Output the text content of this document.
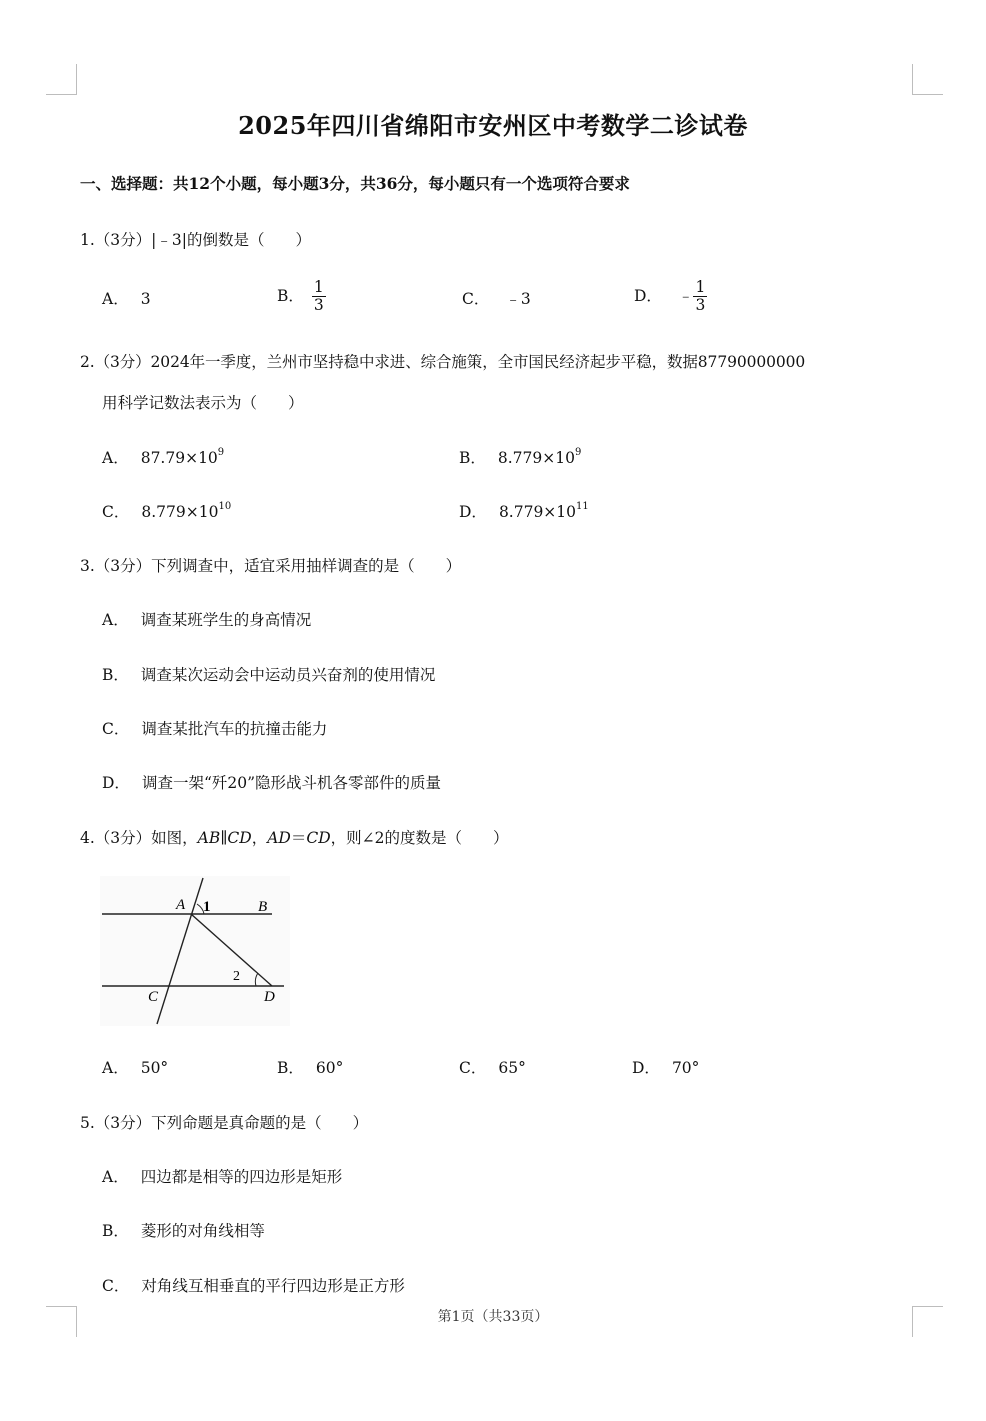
2025年四川省绵阳市安州区中考数学二诊试卷
一、选择题：共12个小题，每小题3分，共36分，每小题只有一个选项符合要求
1.（3分）|﹣3|的倒数是（　　）
A． 3	B． $\frac{1}{3}$	C． ﹣3	D． ﹣ $\frac{1}{3}$
2.（3分）2024年一季度，兰州市坚持稳中求进、综合施策，全市国民经济起步平稳，数据87790000000
用科学记数法表示为（　　）
A． $87.79\times 10^9$	B． $8.779\times 10^9$
C． $8.779\times 10^{10}$	D． $8.779\times 10^{11}$
3.（3分）下列调查中，适宜采用抽样调查的是（　　）
A． 调查某班学生的身高情况
B． 调查某次运动会中运动员兴奋剂的使用情况
C． 调查某批汽车的抗撞击能力
D． 调查一架“歼20”隐形战斗机各零部件的质量
4.（3分）如图，AB∥CD，AD＝CD，则∠2的度数是（　　）
A 1	B
2
C	D
A． 50°	B． 60°	C． 65°	D． 70°
5.（3分）下列命题是真命题的是（　　）
A． 四边都是相等的四边形是矩形
B． 菱形的对角线相等
C． 对角线互相垂直的平行四边形是正方形
第1页（共33页）
